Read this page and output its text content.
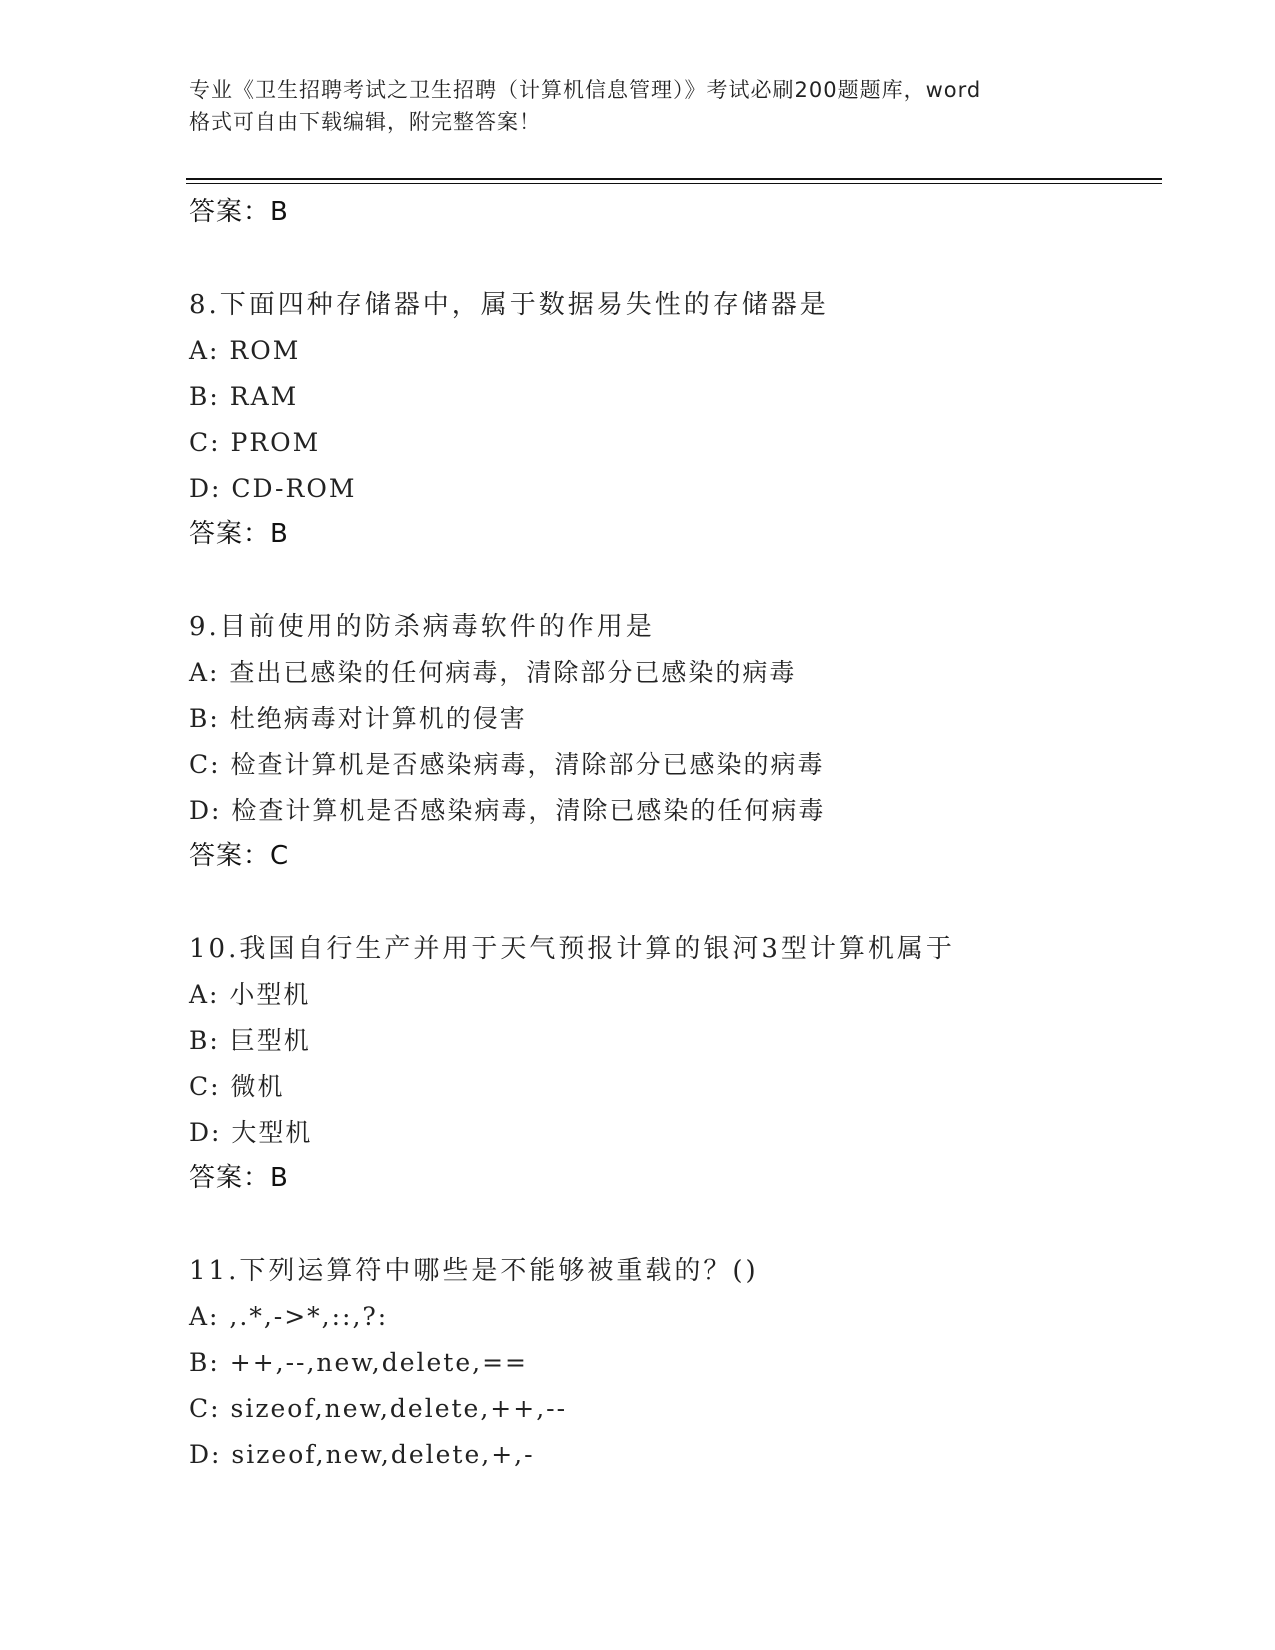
专业《卫生招聘考试之卫生招聘（计算机信息管理）》考试必刷200题题库，word
格式可自由下载编辑，附完整答案！
答案：B
8.下面四种存储器中，属于数据易失性的存储器是
A: ROM
B: RAM
C: PROM
D: CD-ROM
答案：B
9.目前使用的防杀病毒软件的作用是
A: 查出已感染的任何病毒，清除部分已感染的病毒
B: 杜绝病毒对计算机的侵害
C: 检查计算机是否感染病毒，清除部分已感染的病毒
D: 检查计算机是否感染病毒，清除已感染的任何病毒
答案：C
10.我国自行生产并用于天气预报计算的银河3型计算机属于
A: 小型机
B: 巨型机
C: 微机
D: 大型机
答案：B
11.下列运算符中哪些是不能够被重载的？()
A: ,.*,->*,::,?:
B: ++,--,new,delete,==
C: sizeof,new,delete,++,--
D: sizeof,new,delete,+,-
